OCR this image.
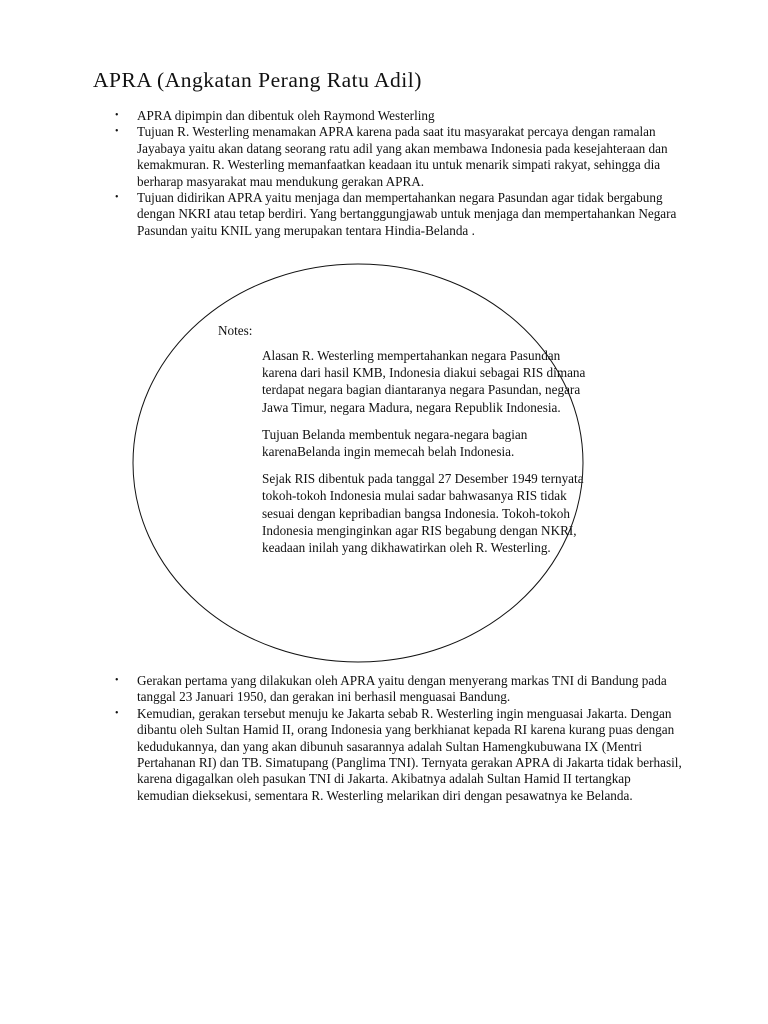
APRA (Angkatan Perang Ratu Adil)
• APRA dipimpin dan dibentuk oleh Raymond Westerling
• Tujuan R. Westerling menamakan APRA karena pada saat itu masyarakat percaya dengan ramalan Jayabaya yaitu akan datang seorang ratu adil yang akan membawa Indonesia pada kesejahteraan dan kemakmuran. R. Westerling memanfaatkan keadaan itu untuk menarik simpati rakyat, sehingga dia berharap masyarakat mau mendukung gerakan APRA.
• Tujuan didirikan APRA yaitu menjaga dan mempertahankan negara Pasundan agar tidak bergabung dengan NKRI atau tetap berdiri. Yang bertanggungjawab untuk menjaga dan mempertahankan Negara Pasundan yaitu KNIL yang merupakan tentara Hindia-Belanda .
Notes:

Alasan R. Westerling mempertahankan negara Pasundan karena dari hasil KMB, Indonesia diakui sebagai RIS dimana terdapat negara bagian diantaranya negara Pasundan, negara Jawa Timur, negara Madura, negara Republik Indonesia.

Tujuan Belanda membentuk negara-negara bagian karenaBelanda ingin memecah belah Indonesia.

Sejak RIS dibentuk pada tanggal 27 Desember 1949 ternyata tokoh-tokoh Indonesia mulai sadar bahwasanya RIS tidak sesuai dengan kepribadian bangsa Indonesia. Tokoh-tokoh Indonesia menginginkan agar RIS begabung dengan NKRI, keadaan inilah yang dikhawatirkan oleh R. Westerling.

• Gerakan pertama yang dilakukan oleh APRA yaitu dengan menyerang markas TNI di Bandung pada tanggal 23 Januari 1950, dan gerakan ini berhasil menguasai Bandung.
• Kemudian, gerakan tersebut menuju ke Jakarta sebab R. Westerling ingin menguasai Jakarta. Dengan dibantu oleh Sultan Hamid II, orang Indonesia yang berkhianat kepada RI karena kurang puas dengan kedudukannya, dan yang akan dibunuh sasarannya adalah Sultan Hamengkubuwana IX (Mentri Pertahanan RI) dan TB. Simatupang (Panglima TNI). Ternyata gerakan APRA di Jakarta tidak berhasil, karena digagalkan oleh pasukan TNI di Jakarta. Akibatnya adalah Sultan Hamid II tertangkap kemudian dieksekusi, sementara R. Westerling melarikan diri dengan pesawatnya ke Belanda.
